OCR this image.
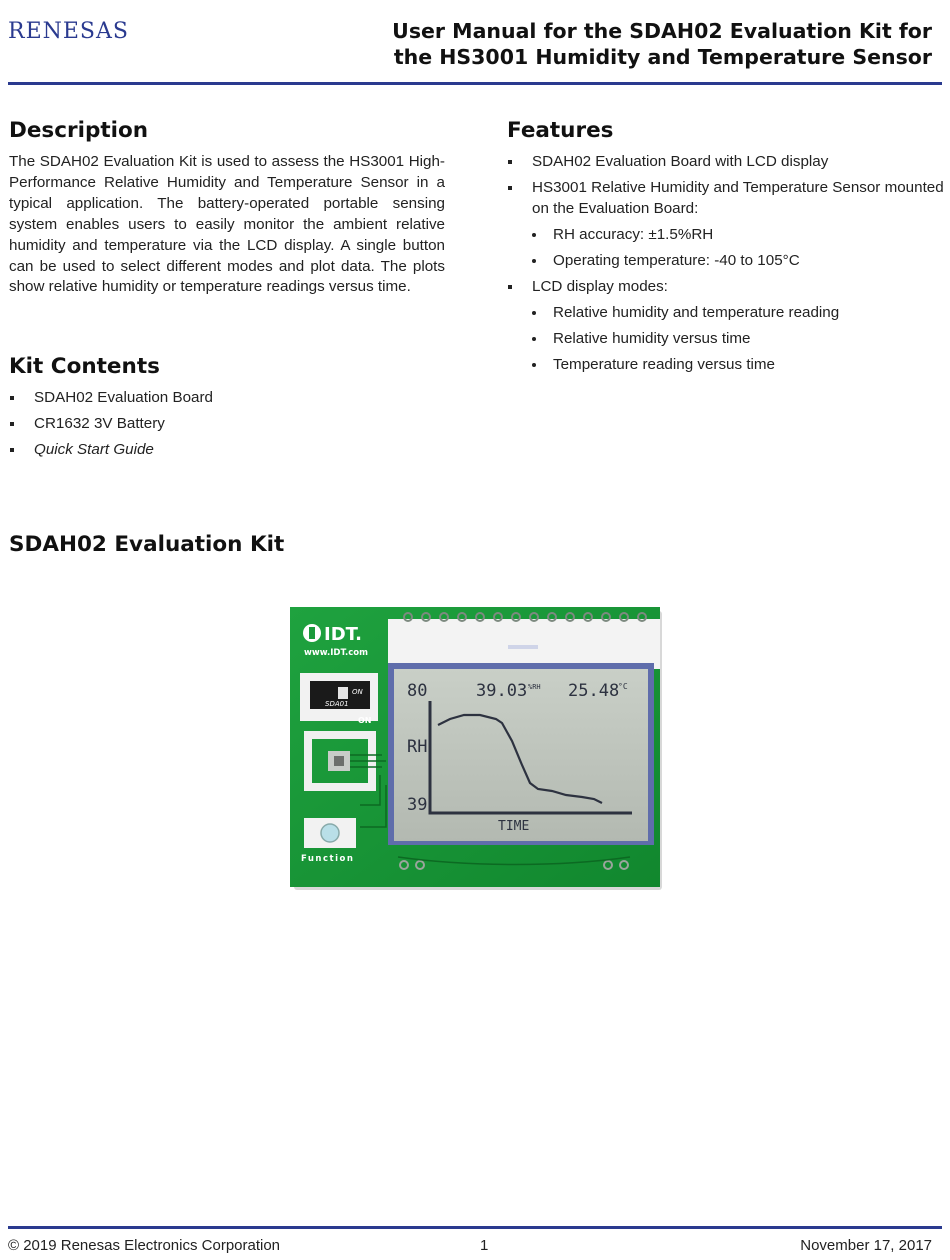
RENESAS	User Manual for the SDAH02 Evaluation Kit for
the HS3001 Humidity and Temperature Sensor
Description

The SDAH02 Evaluation Kit is used to assess the HS3001 High-Performance Relative Humidity and Temperature Sensor in a typical application. The battery-operated portable sensing system enables users to easily monitor the ambient relative humidity and temperature via the LCD display. A single button can be used to select different modes and plot data. The plots show relative humidity or temperature readings versus time.

Features
SDAH02 Evaluation Board with LCD display
HS3001 Relative Humidity and Temperature Sensor mounted on the Evaluation Board:
RH accuracy: ±1.5%RH
Operating temperature: -40 to 105°C
LCD display modes:
Relative humidity and temperature reading
Relative humidity versus time
Temperature reading versus time
Kit Contents
SDAH02 Evaluation Board
CR1632 3V Battery
Quick Start Guide
SDAH02 Evaluation Kit
IDT.
www.IDT.com
SDA01
ON
ON
Function
80	39.03 %RH 25.48
°C
RH
39
TIME
© 2019 Renesas Electronics Corporation	1	November 17, 2017
